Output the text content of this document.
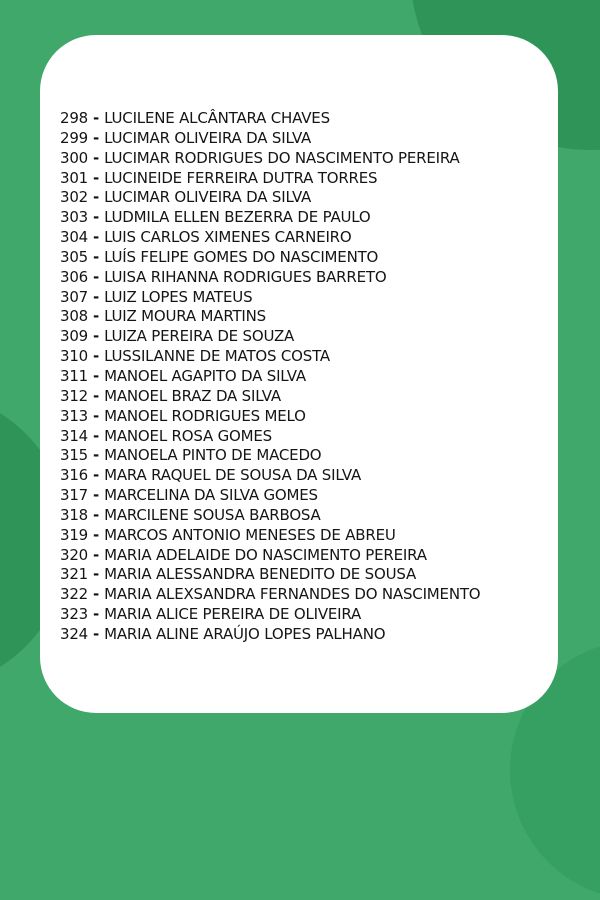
298 - LUCILENE ALCÂNTARA CHAVES
299 - LUCIMAR OLIVEIRA DA SILVA
300 - LUCIMAR RODRIGUES DO NASCIMENTO PEREIRA
301 - LUCINEIDE FERREIRA DUTRA TORRES
302 - LUCIMAR OLIVEIRA DA SILVA
303 - LUDMILA ELLEN BEZERRA DE PAULO
304 - LUIS CARLOS XIMENES CARNEIRO
305 - LUÍS FELIPE GOMES DO NASCIMENTO
306 - LUISA RIHANNA RODRIGUES BARRETO
307 - LUIZ LOPES MATEUS
308 - LUIZ MOURA MARTINS
309 - LUIZA PEREIRA DE SOUZA
310 - LUSSILANNE DE MATOS COSTA
311 - MANOEL AGAPITO DA SILVA
312 - MANOEL BRAZ DA SILVA
313 - MANOEL RODRIGUES MELO
314 - MANOEL ROSA GOMES
315 - MANOELA PINTO DE MACEDO
316 - MARA RAQUEL DE SOUSA DA SILVA
317 - MARCELINA DA SILVA GOMES
318 - MARCILENE SOUSA BARBOSA
319 - MARCOS ANTONIO MENESES DE ABREU
320 - MARIA ADELAIDE DO NASCIMENTO PEREIRA
321 - MARIA ALESSANDRA BENEDITO DE SOUSA
322 - MARIA ALEXSANDRA FERNANDES DO NASCIMENTO
323 - MARIA ALICE PEREIRA DE OLIVEIRA
324 - MARIA ALINE ARAÚJO LOPES PALHANO
